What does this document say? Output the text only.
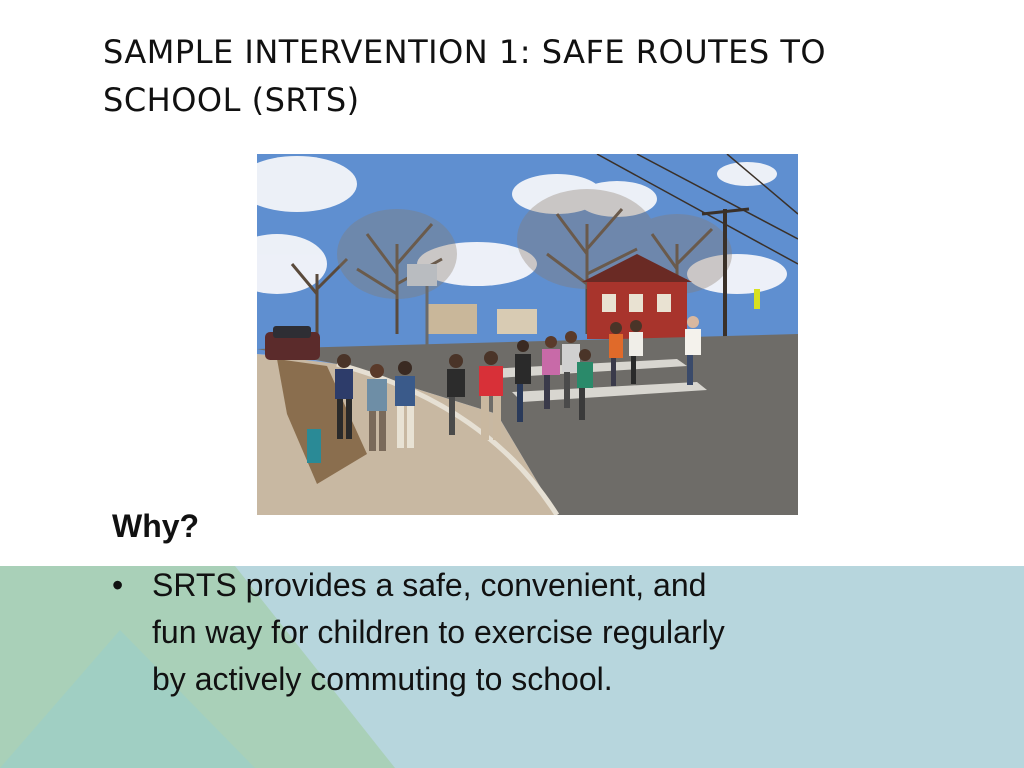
SAMPLE INTERVENTION 1: SAFE ROUTES TO
SCHOOL (SRTS)
Why?
• SRTS provides a safe, convenient, and
fun way for children to exercise regularly
by actively commuting to school.
